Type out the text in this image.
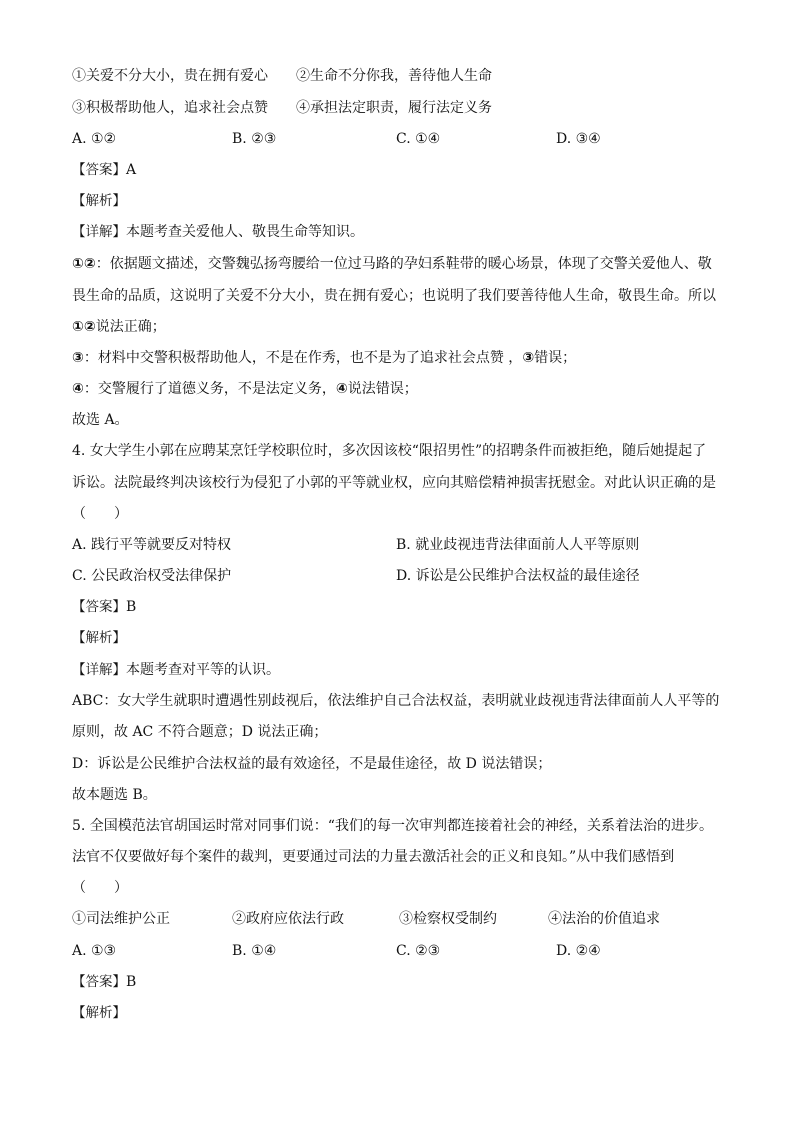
①关爱不分大小，贵在拥有爱心 ②生命不分你我，善待他人生命
③积极帮助他人，追求社会点赞 ④承担法定职责，履行法定义务
A. ①②	B. ②③	C. ①④	D. ③④
【答案】A
【解析】
【详解】本题考查关爱他人、敬畏生命等知识。
①②：依据题文描述，交警魏弘扬弯腰给一位过马路的孕妇系鞋带的暖心场景，体现了交警关爱他人、敬
畏生命的品质，这说明了关爱不分大小，贵在拥有爱心；也说明了我们要善待他人生命，敬畏生命。所以
①②说法正确；
③：材料中交警积极帮助他人，不是在作秀，也不是为了追求社会点赞 ，③错误；
④：交警履行了道德义务，不是法定义务，④说法错误；
故选 A。
4. 女大学生小郭在应聘某烹饪学校职位时，多次因该校“限招男性”的招聘条件而被拒绝，随后她提起了
诉讼。法院最终判决该校行为侵犯了小郭的平等就业权，应向其赔偿精神损害抚慰金。对此认识正确的是
（　　）
A. 践行平等就要反对特权	B. 就业歧视违背法律面前人人平等原则
C. 公民政治权受法律保护	D. 诉讼是公民维护合法权益的最佳途径
【答案】B
【解析】
【详解】本题考查对平等的认识。
ABC：女大学生就职时遭遇性别歧视后，依法维护自己合法权益，表明就业歧视违背法律面前人人平等的
原则，故 AC 不符合题意；D 说法正确；
D：诉讼是公民维护合法权益的最有效途径，不是最佳途径，故 D 说法错误；
故本题选 B。
5. 全国模范法官胡国运时常对同事们说：“我们的每一次审判都连接着社会的神经，关系着法治的进步。
法官不仅要做好每个案件的裁判，更要通过司法的力量去激活社会的正义和良知。”从中我们感悟到
（　　）
①司法维护公正	②政府应依法行政	③检察权受制约	④法治的价值追求
A. ①③	B. ①④	C. ②③	D. ②④
【答案】B
【解析】
